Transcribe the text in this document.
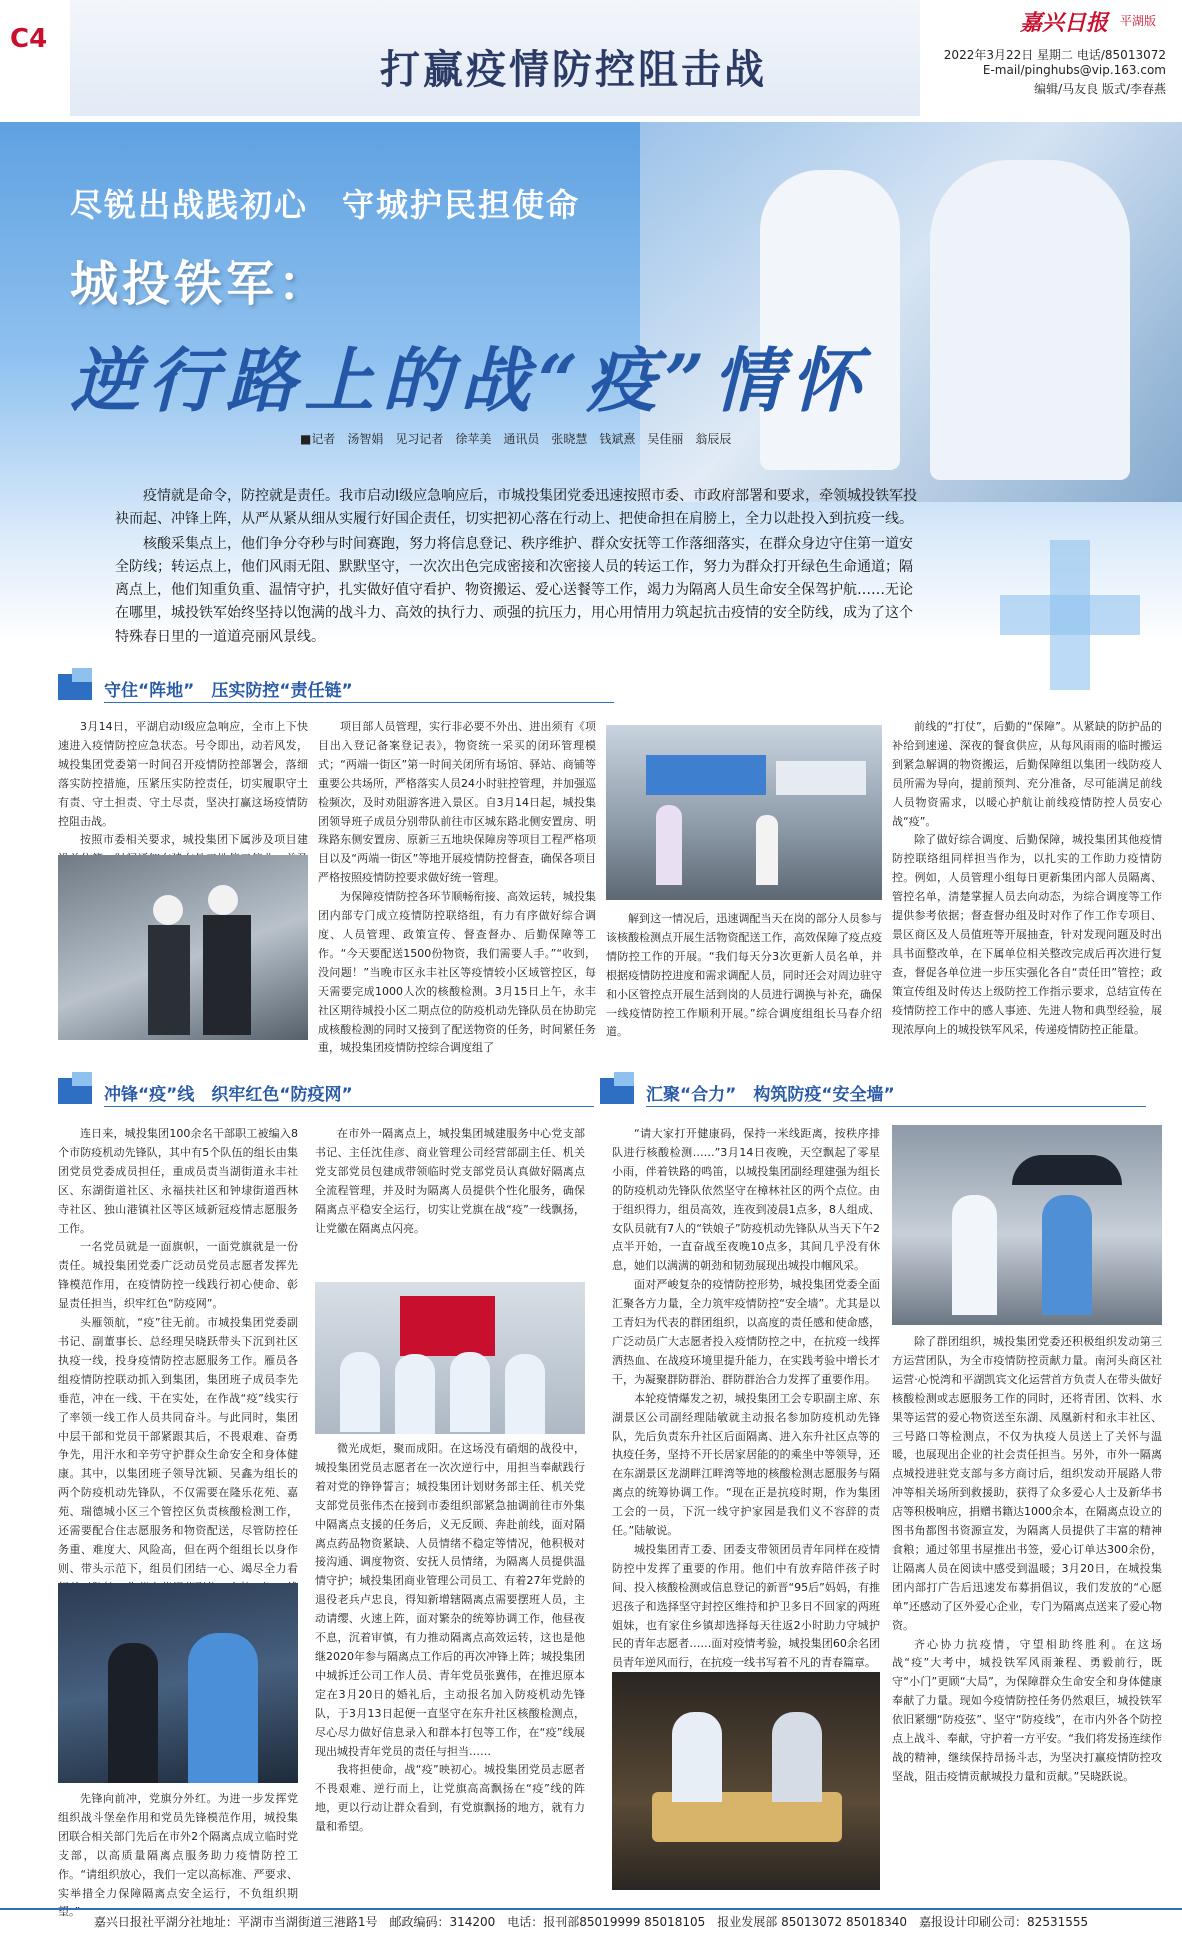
C4
打赢疫情防控阻击战
嘉兴日报 平湖版
2022年3月22日 星期二 电话/85013072
E-mail/pinghubs@vip.163.com
编辑/马友良 版式/李春燕
尽锐出战践初心　守城护民担使命
城投铁军：
逆行路上的战“疫”情怀
■记者　汤智娟　见习记者　徐苹美　通讯员　张晓慧　钱斌熹　吴佳丽　翁辰辰

疫情就是命令，防控就是责任。我市启动Ⅰ级应急响应后，市城投集团党委迅速按照市委、市政府部署和要求，牵领城投铁军投袂而起、冲锋上阵，从严从紧从细从实履行好国企责任，切实把初心落在行动上、把使命担在肩膀上，全力以赴投入到抗疫一线。

核酸采集点上，他们争分夺秒与时间赛跑，努力将信息登记、秩序维护、群众安抚等工作落细落实，在群众身边守住第一道安全防线；转运点上，他们风雨无阻、默默坚守，一次次出色完成密接和次密接人员的转运工作，努力为群众打开绿色生命通道；隔离点上，他们知重负重、温情守护，扎实做好值守看护、物资搬运、爱心送餐等工作，竭力为隔离人员生命安全保驾护航……无论在哪里，城投铁军始终坚持以饱满的战斗力、高效的执行力、顽强的抗压力，用心用情用力筑起抗击疫情的安全防线，成为了这个特殊春日里的一道道亮丽风景线。

守住“阵地”　压实防控“责任链”

3月14日，平湖启动Ⅰ级应急响应，全市上下快速进入疫情防控应急状态。号令即出，动若风发，城投集团党委第一时间召开疫情防控部署会，落细落实防控措施，压紧压实防控责任，切实履职守土有责、守土担责、守土尽责，坚决打赢这场疫情防控阻击战。

按照市委相关要求，城投集团下属涉及项目建

项目部人员管理，实行非必要不外出、进出须有《项目出入登记备案登记表》，物资统一采买的闭环管理模式；“两端一街区”第一时间关闭所有场馆、驿站、商铺等重要公共场所，严格落实人员24小时驻控管理，并加强巡检频次，及时劝阻游客进入景区。自3月14日起，城投集团领导班子成员分别带队前往市区城东路北侧安置房、明珠路东侧安置房、原新三五地块保障房等项目工程严格项目以及“两端一街区”等地开展疫情防控督查，确保各项目严格按照疫情防控要求做好统一管理。

为保障疫情防控各环节顺畅衔接、高效运转，城投集团内部专门成立疫情防控联络组，有力有序做好综合调度、人员管理、政策宣传、督查督办、后勤保障等工作。“今天要配送1500份物资，我们需要人手。”“收到，没问题！”当晚市区永丰社区等疫情较小区域管控区，每天需要完成1000人次的核酸检测。3月15日上午，永丰社区期待城投小区二期点位的防疫机动先锋队员在协助完成核酸检测的同时又接到了配送物资的任务，时间紧任务重，城投集团疫情防控综合调度组了

解到这一情况后，迅速调配当天在岗的部分人员参与该核酸检测点开展生活物资配送工作，高效保障了疫点疫情防控工作的开展。“我们每天分3次更新人员名单，并根据疫情防控进度和需求调配人员，同时还会对周边驻守和小区管控点开展生活到岗的人员进行调换与补充，确保一线疫情防控工作顺利开展。”综合调度组组长马春介绍道。

前线的“打仗”，后勤的“保障”。从紧缺的防护品的补给到速递、深夜的餐食供应，从每风雨雨的临时搬运到紧急解调的物资搬运，后勤保障组以集团一线防疫人员所需为导向，提前预判、充分准备，尽可能满足前线人员物资需求，以暖心护航让前线疫情防控人员安心战“疫”。

除了做好综合调度、后勤保障，城投集团其他疫情防控联络组同样担当作为，以扎实的工作助力疫情防控。例如，人员管理小组每日更新集团内部人员隔离、管控名单，清楚掌握人员去向动态，为综合调度等工作提供参考依据；督查督办组及时对作了作工作专项目、景区商区及人员值班等开展抽查，针对发现问题及时出具书面整改单，在下属单位相关整改完成后再次进行复查，督促各单位进一步压实强化各自“责任田”管控；政策宣传组及时传达上级防控工作指示要求，总结宣传在疫情防控工作中的感人事迹、先进人物和典型经验，展现浓厚向上的城投铁军风采，传递疫情防控正能量。

冲锋“疫”线　织牢红色“防疫网”

连日来，城投集团100余名干部职工被编入8个市防疫机动先锋队，其中有5个队伍的组长由集团党员党委成员担任，重成员责当湖街道永丰社区、东湖街道社区、永福扶社区和钟埭街道西林寺社区、独山港镇社区等区域新冠疫情志愿服务工作。

一名党员就是一面旗帜，一面党旗就是一份责任。城投集团党委广泛动员党员志愿者发挥先锋模范作用，在疫情防控一线践行初心使命、彰显责任担当，织牢红色“防疫网”。

头雁领航，“疫”往无前。市城投集团党委副书记、副董事长、总经理吴晓跃带头下沉到社区执疫一线，投身疫情防控志愿服务工作。雁员各组疫情防控联动抓入到集团，集团班子成员李先垂范，冲在一线、干在实处，在作战“疫”线实行了率领一线工作人员共同奋斗。与此同时，集团中层干部和党员干部紧跟其后，不畏艰难、奋勇争先，用汗水和辛劳守护群众生命安全和身体健康。其中，以集团班子领导沈颖、吴鑫为组长的两个防疫机动先锋队，不仅需要在隆乐花苑、嘉苑、瑞德城小区三个管控区负责核酸检测工作，还需要配合住志愿服务和物资配送，尽管防控任务重、难度大、风险高，但在两个组组长以身作则、带头示范下，组员们团结一心、竭尽全力看

先锋向前冲，党旗分外红。为进一步发挥党组织战斗堡垒作用和党员先锋模范作用，城投集团联合相关部门先后在市外2个隔离点成立临时党支部，以高质量隔离点服务助力疫情防控工作。“请组织放心，我们一定以高标准、严要求、实举措全力保障隔离点安全运行，不负组织期望。”

在市外一隔离点上，城投集团城建服务中心党支部书记、主任沈佳彦、商业管理公司经营部副主任、机关党支部党员包建成带领临时党支部党员认真做好隔离点全流程管理，并及时为隔离人员提供个性化服务，确保隔离点平稳安全运行，切实让党旗在战“疫”一线飘扬，让党徽在隔离点闪亮。

微光成炬，聚而成阳。在这场没有硝烟的战役中，城投集团党员志愿者在一次次逆行中，用担当奉献践行着对党的铮铮誓言；城投集团计划财务部主任、机关党支部党员张伟杰在接到市委组织部紧急抽调前往市外集中隔离点支援的任务后，义无反顾、奔赴前线，面对隔离点药品物资紧缺、人员情绪不稳定等情况，他积极对接沟通、调度物资、安抚人员情绪，为隔离人员提供温情守护；城投集团商业管理公司员工、有着27年党龄的退役老兵卢忠良，得知新增辖隔离点需要摆班人员，主动请缨、火速上阵，面对繁杂的统筹协调工作，他昼夜不息，沉着审慎，有力推动隔离点高效运转，这也是他继2020年参与隔离点工作后的再次冲锋上阵；城投集团中城拆迁公司工作人员、青年党员张冀伟，在推迟原本定在3月20日的婚礼后，主动报名加入防疫机动先锋队，于3月13日起便一直坚守在东升社区核酸检测点，尽心尽力做好信息录入和群本打包等工作，在“疫”线展现出城投青年党员的责任与担当……

我将担使命，战“疫”映初心。城投集团党员志愿者不畏艰难、逆行而上，让党旗高高飘扬在“疫”线的阵地，更以行动让群众看到，有党旗飘扬的地方，就有力量和希望。

汇聚“合力”　构筑防疫“安全墙”

“请大家打开健康码，保持一米线距离，按秩序排队进行核酸检测……”3月14日夜晚，天空飘起了零星小雨，伴着铁路的鸣笛，以城投集团副经理建强为组长的防疫机动先锋队依然坚守在樟林社区的两个点位。由于组织得力，组员高效，连夜到凌晨1点多，8人组成、女队员就有7人的“铁娘子”防疫机动先锋队从当天下午2点半开始，一直奋战至夜晚10点多，其间几乎没有休息，她们以满满的朝劲和韧劲展现出城投巾帼风采。

面对严峻复杂的疫情防控形势，城投集团党委全面汇聚各方力量，全力筑牢疫情防控“安全墙”。尤其是以工青妇为代表的群团组织，以高度的责任感和使命感，广泛动员广大志愿者投入疫情防控之中，在抗疫一线挥洒热血、在战疫环境里提升能力，在实践考验中增长才干，为凝聚群防群治、群防群治合力发挥了重要作用。

本轮疫情爆发之初，城投集团工会专职副主席、东湖景区公司副经理陆敏就主动报名参加防疫机动先锋队，先后负责东升社区后面隔离、进入东升社区点等的执疫任务，坚持不开长居家居能的的乘坐中等领导，还在东湖景区龙湖畔江畔湾等地的核酸检测志愿服务与隔离点的统筹协调工作。“现在正是抗疫时期，作为集团工会的一员，下沉一线守护家园是我们义不容辞的责任。”陆敏说。

城投集团青工委、团委支带领团员青年同样在疫情防控中发挥了重要的作用。他们中有放弃陪伴孩子时间、投入核酸检测或信息登记的新晋“95后”妈妈，有推迟孩子和选择坚守封控区维持和护卫多日不回家的两班姐妹，也有家住乡镇却选择每天往返2小时助力守城护民的青年志愿者……面对疫情考验，城投集团60余名团员青年逆风而行，在抗疫一线书写着不凡的青春篇章。

除了群团组织，城投集团党委还积极组织发动第三方运营团队，为全市疫情防控贡献力量。南河头商区社运营·心悦湾和平湖凯宾文化运营首方负责人在带头做好核酸检测或志愿服务工作的同时，还将青团、饮料、水果等运营的爱心物资送至东湖、凤凰新村和永丰社区、三号路口等检测点，不仅为执疫人员送上了关怀与温暖，也展现出企业的社会责任担当。另外，市外一隔离点城投进驻党支部与多方商讨后，组织发动开展路人带冲等相关场所到救援助，获得了众多爱心人士及新华书店等积极响应，捐赠书籍达1000余本，在隔离点设立的图书角都图书资源宣发，为隔离人员提供了丰富的精神食粮；通过邻里书屋推出书签，爱心订单达300余份，让隔离人员在阅读中感受到温暖；3月20日，在城投集团内部打广告后迅速发布募捐倡议，我们发放的“心愿单”还感动了区外爱心企业，专门为隔离点送来了爱心物资。

齐心协力抗疫情，守望相助终胜利。在这场战“疫”大考中，城投铁军风雨兼程、勇毅前行，既守“小门”更顾“大局”，为保障群众生命安全和身体健康奉献了力量。现如今疫情防控任务仍然艰巨，城投铁军依旧紧绷“防疫弦”、坚守“防疫线”，在市内外各个防控点上战斗、奉献，守护着一方平安。“我们将发扬连续作战的精神，继续保持昂扬斗志，为坚决打赢疫情防控攻坚战，阻击疫情贡献城投力量和贡献。”吴晓跃说。

嘉兴日报社平湖分社地址：平湖市当湖街道三港路1号　邮政编码：314200　电话：报刊部85019999 85018105　报业发展部 85013072 85018340　嘉报设计印刷公司：82531555
